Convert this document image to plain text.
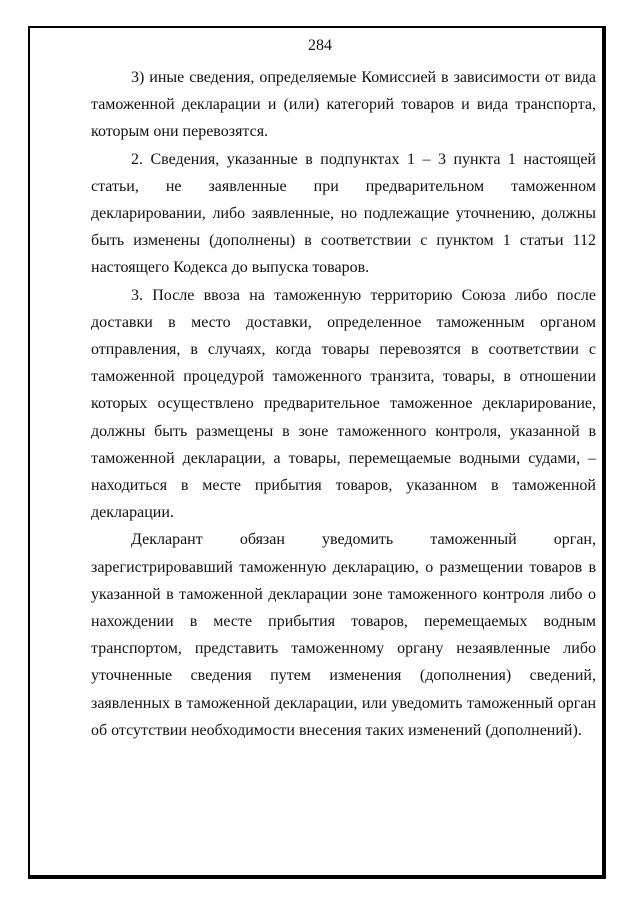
284

3) иные сведения, определяемые Комиссией в зависимости от вида таможенной декларации и (или) категорий товаров и вида транспорта, которым они перевозятся.

2. Сведения, указанные в подпунктах 1 – 3 пункта 1 настоящей статьи, не заявленные при предварительном таможенном декларировании, либо заявленные, но подлежащие уточнению, должны быть изменены (дополнены) в соответствии с пунктом 1 статьи 112 настоящего Кодекса до выпуска товаров.

3. После ввоза на таможенную территорию Союза либо после доставки в место доставки, определенное таможенным органом отправления, в случаях, когда товары перевозятся в соответствии с таможенной процедурой таможенного транзита, товары, в отношении которых осуществлено предварительное таможенное декларирование, должны быть размещены в зоне таможенного контроля, указанной в таможенной декларации, а товары, перемещаемые водными судами, – находиться в месте прибытия товаров, указанном в таможенной декларации.

Декларант обязан уведомить таможенный орган, зарегистрировавший таможенную декларацию, о размещении товаров в указанной в таможенной декларации зоне таможенного контроля либо о нахождении в месте прибытия товаров, перемещаемых водным транспортом, представить таможенному органу незаявленные либо уточненные сведения путем изменения (дополнения) сведений, заявленных в таможенной декларации, или уведомить таможенный орган об отсутствии необходимости внесения таких изменений (дополнений).
